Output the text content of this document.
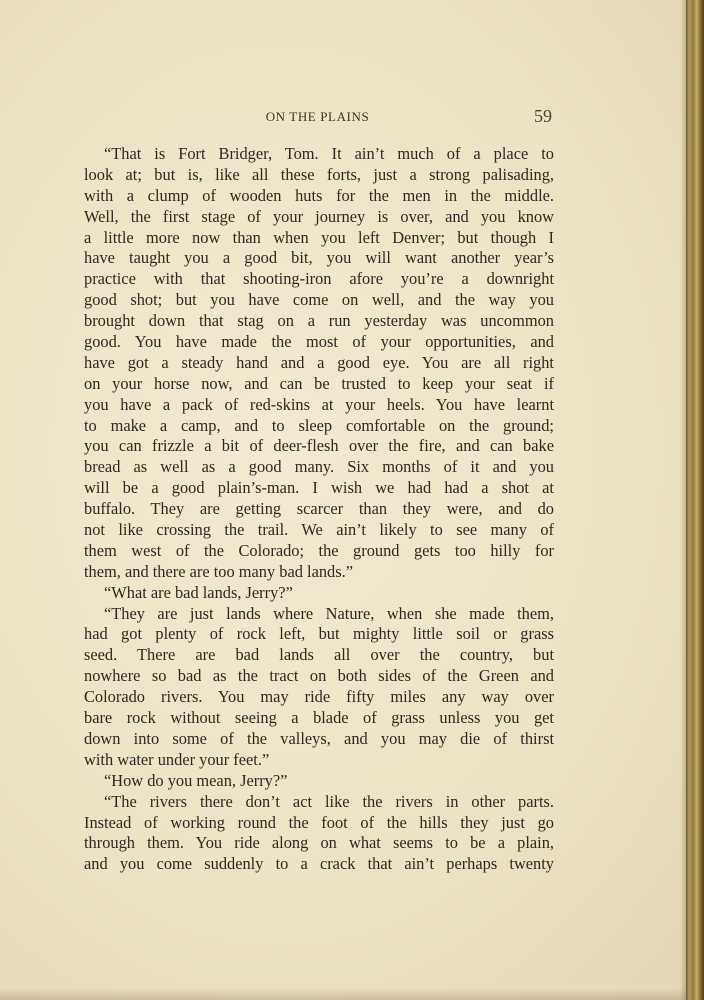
ON THE PLAINS	59
“That is Fort Bridger, Tom. It ain’t much of a place to
look at; but is, like all these forts, just a strong palisading,
with a clump of wooden huts for the men in the middle.
Well, the first stage of your journey is over, and you know
a little more now than when you left Denver; but though I
have taught you a good bit, you will want another year’s
practice with that shooting-iron afore you’re a downright
good shot; but you have come on well, and the way you
brought down that stag on a run yesterday was uncommon
good. You have made the most of your opportunities, and
have got a steady hand and a good eye. You are all right
on your horse now, and can be trusted to keep your seat if
you have a pack of red-skins at your heels. You have learnt
to make a camp, and to sleep comfortable on the ground;
you can frizzle a bit of deer-flesh over the fire, and can bake
bread as well as a good many. Six months of it and you
will be a good plain’s-man. I wish we had had a shot at
buffalo. They are getting scarcer than they were, and do
not like crossing the trail. We ain’t likely to see many of
them west of the Colorado; the ground gets too hilly for
them, and there are too many bad lands.”
“What are bad lands, Jerry?”
“They are just lands where Nature, when she made them,
had got plenty of rock left, but mighty little soil or grass
seed. There are bad lands all over the country, but
nowhere so bad as the tract on both sides of the Green and
Colorado rivers. You may ride fifty miles any way over
bare rock without seeing a blade of grass unless you get
down into some of the valleys, and you may die of thirst
with water under your feet.”
“How do you mean, Jerry?”
“The rivers there don’t act like the rivers in other parts.
Instead of working round the foot of the hills they just go
through them. You ride along on what seems to be a plain,
and you come suddenly to a crack that ain’t perhaps twenty
